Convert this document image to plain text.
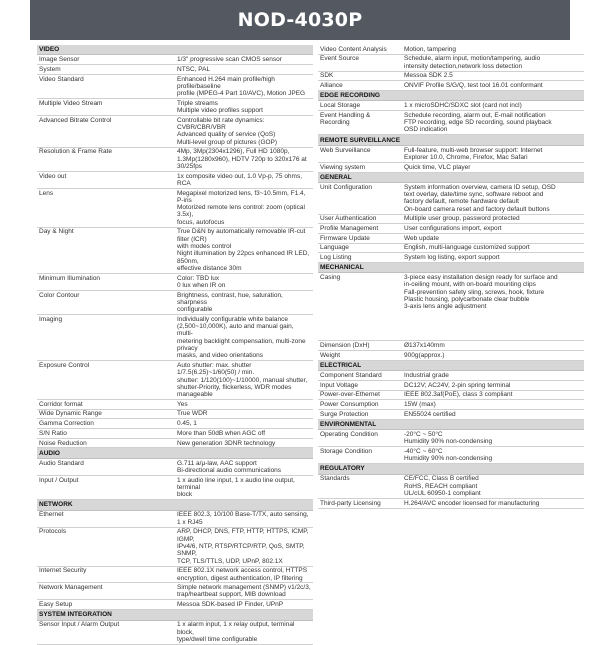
NOD-4030P
VIDEO	
Image Sensor	1/3" progressive scan CMOS sensor

System	NTSC, PAL

Video Standard	Enhanced H.264 main profile/high profile/baseline
profile (MPEG-4 Part 10/AVC), Motion JPEG

Multiple Video Stream	Triple streams
Multiple video profiles support

Advanced Bitrate Control	Controllable bit rate dynamics: CVBR/CBR/VBR
Advanced quality of service (QoS)
Multi-level group of pictures (GOP)

Resolution & Frame Rate	4Mp, 3Mp(2304x1296), Full HD 1080p,
1.3Mp(1280x960), HDTV 720p to 320x176 at
30/25fps

Video out	1x composite video out, 1.0 Vp-p, 75 ohms, RCA

Lens	Megapixel motorized lens, f3~10.5mm, F1.4, P-iris
Motorized remote lens control: zoom (optical 3.5x),
focus, autofocus

Day & Night	True D&N by automatically removable IR-cut filter (ICR)
with modes control
Night illumination by 22pcs enhanced IR LED, 850nm,
effective distance 30m

Minimum Illumination	Color: TBD lux
0 lux when IR on

Color Contour	Brightness, contrast, hue, saturation, sharpness
configurable

Imaging	Individually configurable white balance
(2,500~10,000K), auto and manual gain, multi-
metering backlight compensation, multi-zone privacy
masks, and video orientations

Exposure Control	Auto shutter: max. shutter 1/7.5(6.25)~1/60(50) / min.
shutter: 1/120(100)~1/10000, manual shutter,
shutter-Priority, flickerless, WDR modes manageable

Corridor format	Yes

Wide Dynamic Range	True WDR

Gamma Correction	0.45, 1

S/N Ratio	More than 50dB when AGC off

Noise Reduction	New generation 3DNR technology

AUDIO	
Audio Standard	G.711 a/μ-law, AAC support
Bi-directional audio communications

Input / Output	1 x audio line input, 1 x audio line output, terminal
block

NETWORK	
Ethernet	IEEE 802.3, 10/100 Base-T/TX, auto sensing, 1 x RJ45

Protocols	ARP, DHCP, DNS, FTP, HTTP, HTTPS, ICMP, IGMP,
IPv4/6, NTP, RTSP/RTCP/RTP, QoS, SMTP, SNMP,
TCP, TLS/TTLS, UDP, UPnP, 802.1X

Internet Security	IEEE 802.1X network access control, HTTPS
encryption, digest authentication, IP filtering

Network Management	Simple network management (SNMP) v1/2c/3,
trap/heartbeat support, MIB download

Easy Setup	Messoa SDK-based IP Finder, UPnP

SYSTEM INTEGRATION	
Sensor Input / Alarm Output	1 x alarm input, 1 x relay output, terminal block,
type/dwell time configurable
Video Content Analysis	Motion, tampering

Event Source	Schedule, alarm input, motion/tampering, audio
intensity detection,network loss detection

SDK	Messoa SDK 2.5

Alliance	ONVIF Profile S/G/Q, test tool 16.01 conformant

EDGE RECORDING	
Local Storage	1 x microSDHC/SDXC slot (card not incl)

Event Handling & Recording	Schedule recording, alarm out, E-mail notification
FTP recording, edge SD recording, sound playback
OSD indication

REMOTE SURVEILLANCE	
Web Surveillance	Full-feature, multi-web browser support: Internet
Explorer 10.0, Chrome, Firefox, Mac Safari

Viewing system	Quick time, VLC player

GENERAL	
Unit Configuration	System information overview, camera ID setup, OSD
text overlay, date/time sync, software reboot and
factory default, remote hardware default
On-board camera reset and factory default buttons

User Authentication	Multiple user group, password protected

Profile Management	User configurations import, export

Firmware Update	Web update

Language	English, multi-language customized support

Log Listing	System log listing, export support

MECHANICAL	
Casing	3-piece easy installation design ready for surface and
in-ceiling mount, with on-board mounting clips
Fall-prevention safety sling, screws, hook, fixture
Plastic housing, polycarbonate clear bubble
3-axis lens angle adjustment

Dimension (DxH)	Ø137x140mm

Weight	900g(approx.)

ELECTRICAL	
Component Standard	Industrial grade

Input Voltage	DC12V; AC24V, 2-pin spring terminal

Power-over-Ethernet	IEEE 802.3af(PoE), class 3 compliant

Power Consumption	15W (max)

Surge Protection	EN55024 certified

ENVIRONMENTAL	
Operating Condition	-20°C ~ 50°C
Humidity 90% non-condensing

Storage Condition	-40°C ~ 60°C
Humidity 90% non-condensing

REGULATORY	
Standards	CE/FCC, Class B certified
RoHS, REACH compliant
UL/cUL 60950-1 compliant

Third-party Licensing	H.264/AVC encoder licensed for manufacturing
